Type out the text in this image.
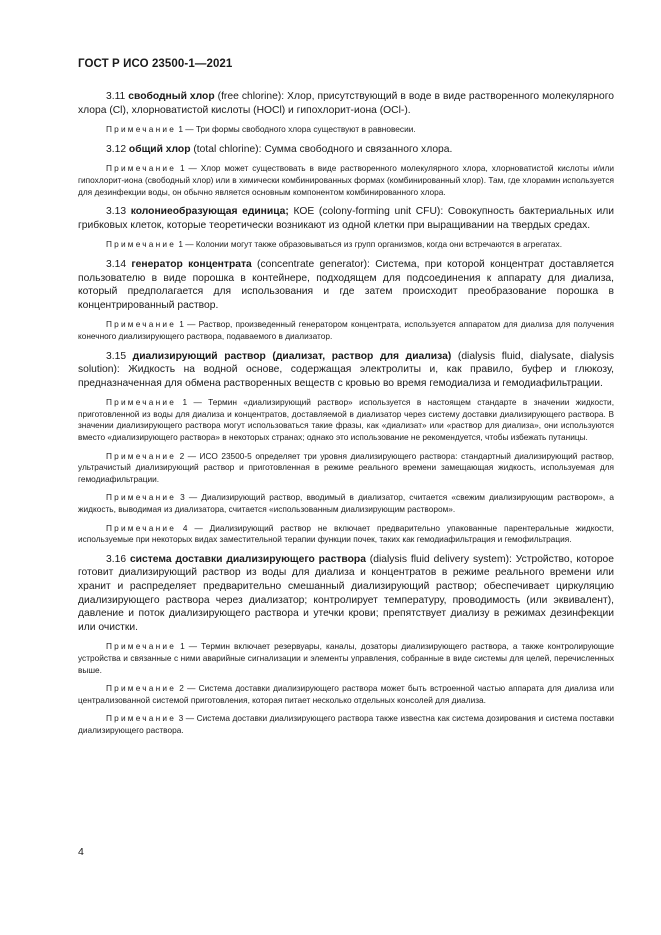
ГОСТ Р ИСО 23500-1—2021

3.11 свободный хлор (free chlorine): Хлор, присутствующий в воде в виде растворенного молекулярного хлора (Cl), хлорноватистой кислоты (HOCl) и гипохлорит-иона (OCl-).

Примечание 1 — Три формы свободного хлора существуют в равновесии.

3.12 общий хлор (total chlorine): Сумма свободного и связанного хлора.

Примечание 1 — Хлор может существовать в виде растворенного молекулярного хлора, хлорноватистой кислоты и/или гипохлорит-иона (свободный хлор) или в химически комбинированных формах (комбинированный хлор). Там, где хлорамин используется для дезинфекции воды, он обычно является основным компонентом комбинированного хлора.

3.13 колониеобразующая единица; КОЕ (colony-forming unit CFU): Совокупность бактериальных или грибковых клеток, которые теоретически возникают из одной клетки при выращивании на твердых средах.

Примечание 1 — Колонии могут также образовываться из групп организмов, когда они встречаются в агрегатах.

3.14 генератор концентрата (concentrate generator): Система, при которой концентрат доставляется пользователю в виде порошка в контейнере, подходящем для подсоединения к аппарату для диализа, который предполагается для использования и где затем происходит преобразование порошка в концентрированный раствор.

Примечание 1 — Раствор, произведенный генератором концентрата, используется аппаратом для диализа для получения конечного диализирующего раствора, подаваемого в диализатор.

3.15 диализирующий раствор (диализат, раствор для диализа) (dialysis fluid, dialysate, dialysis solution): Жидкость на водной основе, содержащая электролиты и, как правило, буфер и глюкозу, предназначенная для обмена растворенных веществ с кровью во время гемодиализа и гемодиафильтрации.

Примечание 1 — Термин «диализирующий раствор» используется в настоящем стандарте в значении жидкости, приготовленной из воды для диализа и концентратов, доставляемой в диализатор через систему доставки диализирующего раствора. В значении диализирующего раствора могут использоваться такие фразы, как «диализат» или «раствор для диализа», они используются вместо «диализирующего раствора» в некоторых странах; однако это использование не рекомендуется, чтобы избежать путаницы.

Примечание 2 — ИСО 23500-5 определяет три уровня диализирующего раствора: стандартный диализирующий раствор, ультрачистый диализирующий раствор и приготовленная в режиме реального времени замещающая жидкость, используемая для гемодиафильтрации.

Примечание 3 — Диализирующий раствор, вводимый в диализатор, считается «свежим диализирующим раствором», а жидкость, выводимая из диализатора, считается «использованным диализирующим раствором».

Примечание 4 — Диализирующий раствор не включает предварительно упакованные парентеральные жидкости, используемые при некоторых видах заместительной терапии функции почек, таких как гемодиафильтрация и гемофильтрация.

3.16 система доставки диализирующего раствора (dialysis fluid delivery system): Устройство, которое готовит диализирующий раствор из воды для диализа и концентратов в режиме реального времени или хранит и распределяет предварительно смешанный диализирующий раствор; обеспечивает циркуляцию диализирующего раствора через диализатор; контролирует температуру, проводимость (или эквивалент), давление и поток диализирующего раствора и утечки крови; препятствует диализу в режимах дезинфекции или очистки.

Примечание 1 — Термин включает резервуары, каналы, дозаторы диализирующего раствора, а также контролирующие устройства и связанные с ними аварийные сигнализации и элементы управления, собранные в виде системы для целей, перечисленных выше.

Примечание 2 — Система доставки диализирующего раствора может быть встроенной частью аппарата для диализа или централизованной системой приготовления, которая питает несколько отдельных консолей для диализа.

Примечание 3 — Система доставки диализирующего раствора также известна как система дозирования и система поставки диализирующего раствора.

4
